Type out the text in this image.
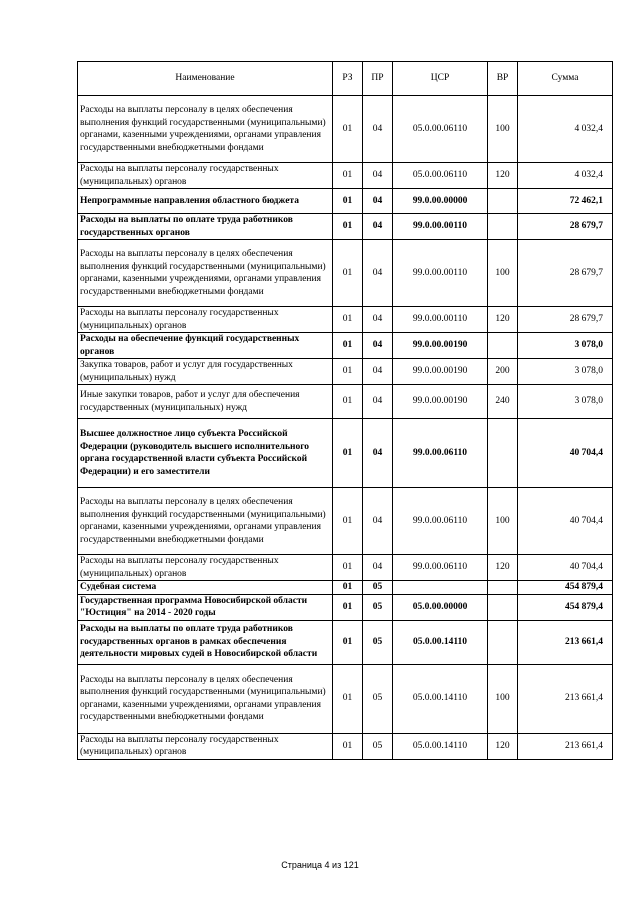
Наименование	РЗ	ПР	ЦСР	ВР	Сумма
Расходы на выплаты персоналу в целях обеспечения выполнения функций государственными (муниципальными) органами, казенными учреждениями, органами управления государственными внебюджетными фондами	01	04	05.0.00.06110	100	4 032,4
Расходы на выплаты персоналу государственных (муниципальных) органов	01	04	05.0.00.06110	120	4 032,4
Непрограммные направления областного бюджета	01	04	99.0.00.00000		72 462,1
Расходы на выплаты по оплате труда работников государственных органов	01	04	99.0.00.00110		28 679,7
Расходы на выплаты персоналу в целях обеспечения выполнения функций государственными (муниципальными) органами, казенными учреждениями, органами управления государственными внебюджетными фондами	01	04	99.0.00.00110	100	28 679,7
Расходы на выплаты персоналу государственных (муниципальных) органов	01	04	99.0.00.00110	120	28 679,7
Расходы на обеспечение функций государственных органов	01	04	99.0.00.00190		3 078,0
Закупка товаров, работ и услуг для государственных (муниципальных) нужд	01	04	99.0.00.00190	200	3 078,0
Иные закупки товаров, работ и услуг для обеспечения государственных (муниципальных) нужд	01	04	99.0.00.00190	240	3 078,0
Высшее должностное лицо субъекта Российской Федерации (руководитель высшего исполнительного органа государственной власти субъекта Российской Федерации) и его заместители	01	04	99.0.00.06110		40 704,4
Расходы на выплаты персоналу в целях обеспечения выполнения функций государственными (муниципальными) органами, казенными учреждениями, органами управления государственными внебюджетными фондами	01	04	99.0.00.06110	100	40 704,4
Расходы на выплаты персоналу государственных (муниципальных) органов	01	04	99.0.00.06110	120	40 704,4
Судебная система	01	05			454 879,4
Государственная программа Новосибирской области "Юстиция" на 2014 - 2020 годы	01	05	05.0.00.00000		454 879,4
Расходы на выплаты по оплате труда работников государственных органов в рамках обеспечения деятельности мировых судей в Новосибирской области	01	05	05.0.00.14110		213 661,4
Расходы на выплаты персоналу в целях обеспечения выполнения функций государственными (муниципальными) органами, казенными учреждениями, органами управления государственными внебюджетными фондами	01	05	05.0.00.14110	100	213 661,4
Расходы на выплаты персоналу государственных (муниципальных) органов	01	05	05.0.00.14110	120	213 661,4
Страница 4 из 121
